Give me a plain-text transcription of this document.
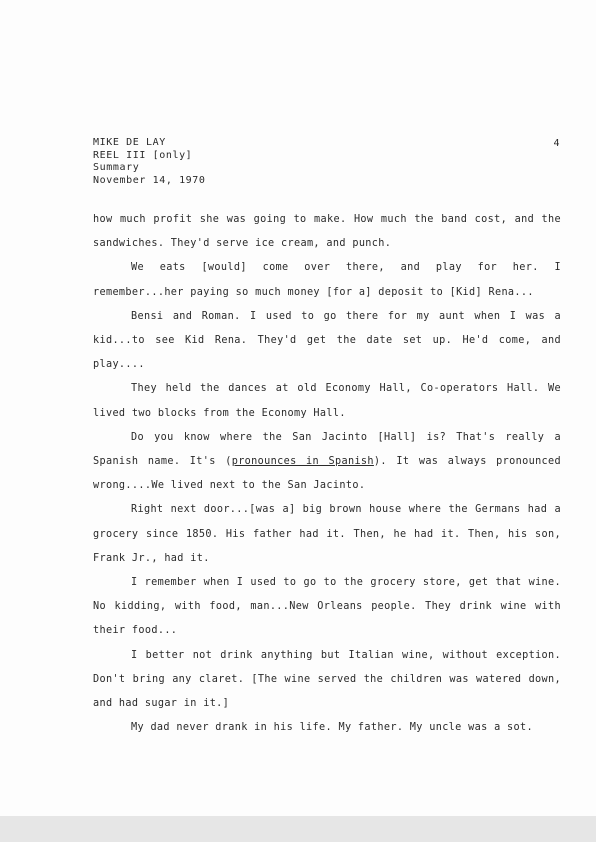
4
MIKE DE LAY
REEL III [only]
Summary
November 14, 1970

how much profit she was going to make. How much the band cost, and the sandwiches. They'd serve ice cream, and punch.

We eats [would] come over there, and play for her. I remember...her paying so much money [for a] deposit to [Kid] Rena...

Bensi and Roman. I used to go there for my aunt when I was a kid...to see Kid Rena. They'd get the date set up. He'd come, and play....

They held the dances at old Economy Hall, Co-operators Hall. We lived two blocks from the Economy Hall.

Do you know where the San Jacinto [Hall] is? That's really a Spanish name. It's (pronounces in Spanish). It was always pronounced wrong....We lived next to the San Jacinto.

Right next door...[was a] big brown house where the Germans had a grocery since 1850. His father had it. Then, he had it. Then, his son, Frank Jr., had it.

I remember when I used to go to the grocery store, get that wine. No kidding, with food, man...New Orleans people. They drink wine with their food...

I better not drink anything but Italian wine, without exception. Don't bring any claret. [The wine served the children was watered down, and had sugar in it.]

My dad never drank in his life. My father. My uncle was a sot.
